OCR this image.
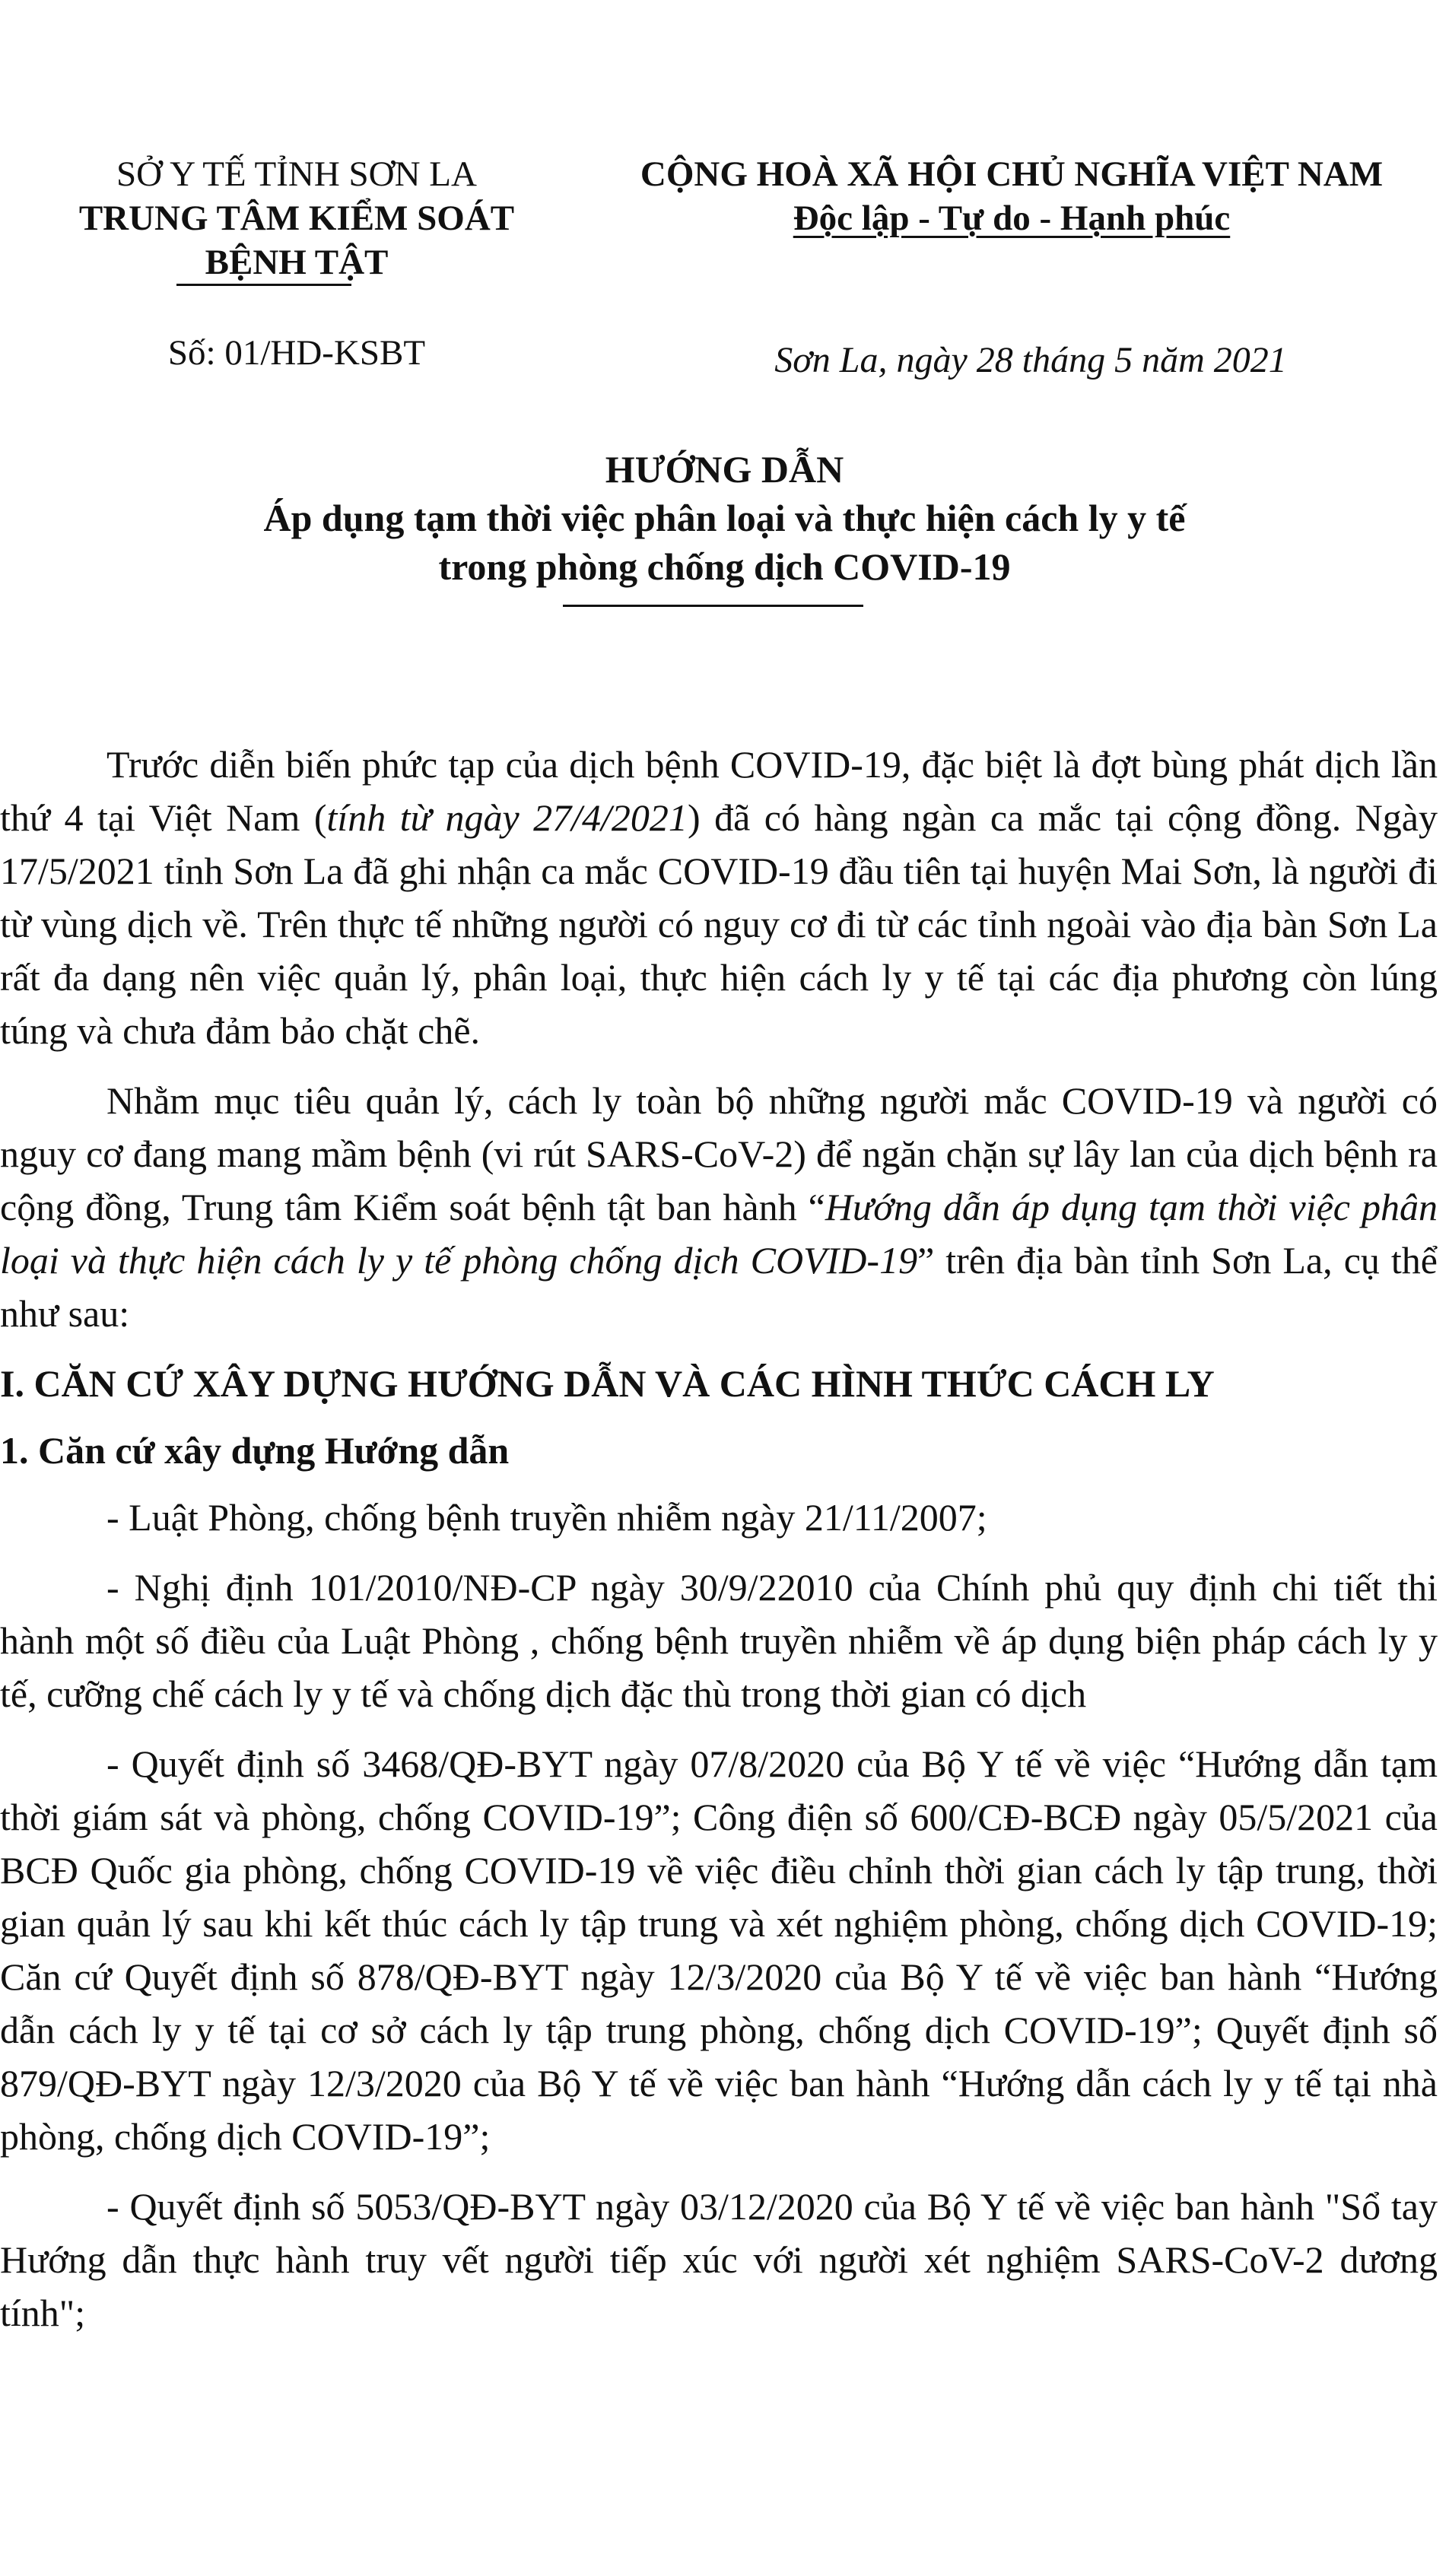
SỞ Y TẾ TỈNH SƠN LA
TRUNG TÂM KIỂM SOÁT
BỆNH TẬT
Số: 01/HD-KSBT
CỘNG HOÀ XÃ HỘI CHỦ NGHĨA VIỆT NAM
Độc lập - Tự do - Hạnh phúc
Sơn La, ngày 28 tháng 5 năm 2021
HƯỚNG DẪN
Áp dụng tạm thời việc phân loại và thực hiện cách ly y tế
trong phòng chống dịch COVID-19

Trước diễn biến phức tạp của dịch bệnh COVID-19, đặc biệt là đợt bùng phát dịch lần thứ 4 tại Việt Nam (tính từ ngày 27/4/2021) đã có hàng ngàn ca mắc tại cộng đồng. Ngày 17/5/2021 tỉnh Sơn La đã ghi nhận ca mắc COVID-19 đầu tiên tại huyện Mai Sơn, là người đi từ vùng dịch về. Trên thực tế những người có nguy cơ đi từ các tỉnh ngoài vào địa bàn Sơn La rất đa dạng nên việc quản lý, phân loại, thực hiện cách ly y tế tại các địa phương còn lúng túng và chưa đảm bảo chặt chẽ.

Nhằm mục tiêu quản lý, cách ly toàn bộ những người mắc COVID-19 và người có nguy cơ đang mang mầm bệnh (vi rút SARS-CoV-2) để ngăn chặn sự lây lan của dịch bệnh ra cộng đồng, Trung tâm Kiểm soát bệnh tật ban hành “Hướng dẫn áp dụng tạm thời việc phân loại và thực hiện cách ly y tế phòng chống dịch COVID-19” trên địa bàn tỉnh Sơn La, cụ thể như sau:

I. CĂN CỨ XÂY DỰNG HƯỚNG DẪN VÀ CÁC HÌNH THỨC CÁCH LY
1. Căn cứ xây dựng Hướng dẫn

- Luật Phòng, chống bệnh truyền nhiễm ngày 21/11/2007;

- Nghị định 101/2010/NĐ-CP ngày 30/9/22010 của Chính phủ quy định chi tiết thi hành một số điều của Luật Phòng , chống bệnh truyền nhiễm về áp dụng biện pháp cách ly y tế, cưỡng chế cách ly y tế và chống dịch đặc thù trong thời gian có dịch

- Quyết định số 3468/QĐ-BYT ngày 07/8/2020 của Bộ Y tế về việc “Hướng dẫn tạm thời giám sát và phòng, chống COVID-19”; Công điện số 600/CĐ-BCĐ ngày 05/5/2021 của BCĐ Quốc gia phòng, chống COVID-19 về việc điều chỉnh thời gian cách ly tập trung, thời gian quản lý sau khi kết thúc cách ly tập trung và xét nghiệm phòng, chống dịch COVID-19; Căn cứ Quyết định số 878/QĐ-BYT ngày 12/3/2020 của Bộ Y tế về việc ban hành “Hướng dẫn cách ly y tế tại cơ sở cách ly tập trung phòng, chống dịch COVID-19”; Quyết định số 879/QĐ-BYT ngày 12/3/2020 của Bộ Y tế về việc ban hành “Hướng dẫn cách ly y tế tại nhà phòng, chống dịch COVID-19”;

- Quyết định số 5053/QĐ-BYT ngày 03/12/2020 của Bộ Y tế về việc ban hành "Sổ tay Hướng dẫn thực hành truy vết người tiếp xúc với người xét nghiệm SARS-CoV-2 dương tính";
